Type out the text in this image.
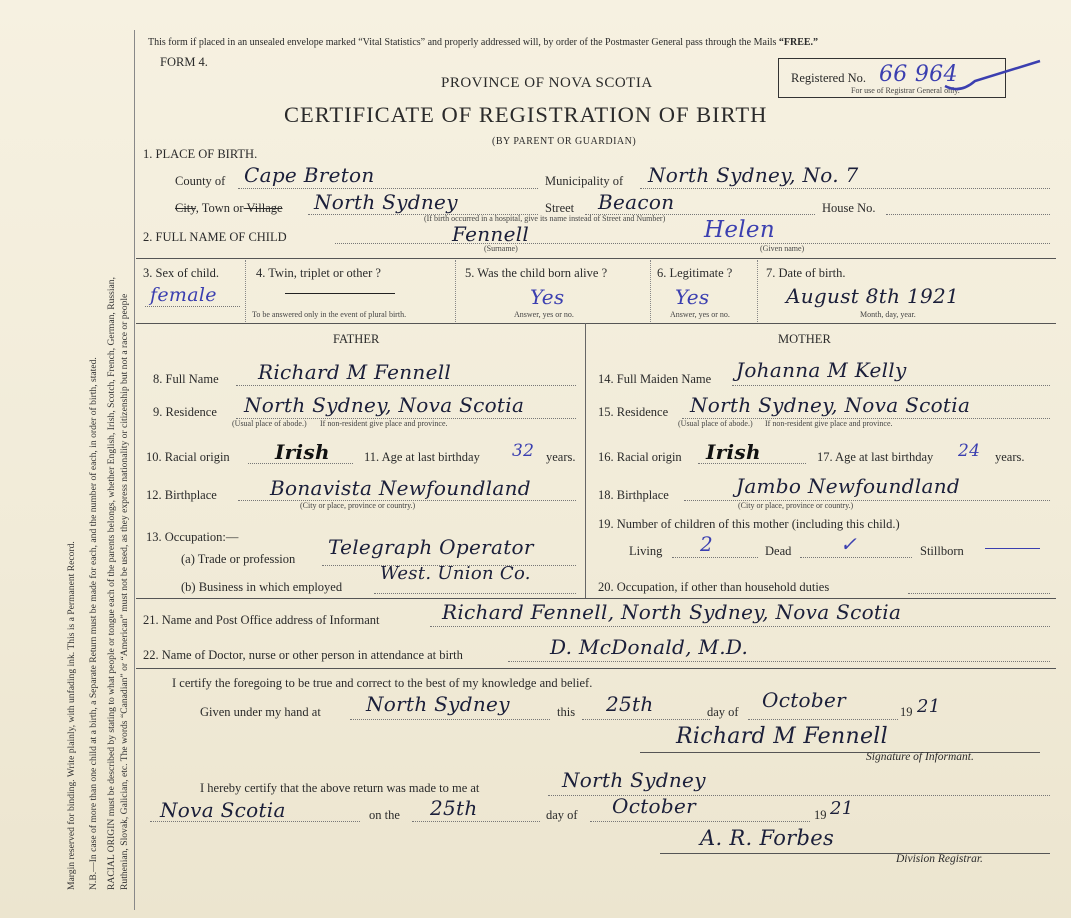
Margin reserved for binding. Write plainly, with unfading ink. This is a Permanent Record. N.B.—In case of more than one child at a birth, a Separate Return must be made for each, and the number of each, in order of birth, stated. RACIAL ORIGIN must be described by stating to what people or tongue each of the parents belongs, whether English, Irish, Scotch, French, German, Russian, Ruthenian, Slovak, Galician, etc. The words “Canadian” or “American” must not be used, as they express nationality or citizenship but not a race or people
This form if placed in an unsealed envelope marked “Vital Statistics” and properly addressed will, by order of the Postmaster General pass through the Mails “FREE.”
FORM 4.
PROVINCE OF NOVA SCOTIA
CERTIFICATE OF REGISTRATION OF BIRTH
(BY PARENT OR GUARDIAN)
Registered No. 66 964
For use of Registrar General only.
1. PLACE OF BIRTH.
County of Cape Breton	Municipality of North Sydney, No. 7
City, Town or Village North Sydney	Street Beacon	House No.
(If birth occurred in a hospital, give its name instead of Street and Number)
2. FULL NAME OF CHILD	Fennell
(Surname)
Helen
(Given name)
3. Sex of child.
female
4. Twin, triplet or other ?
To be answered only in the event of plural birth.
5. Was the child born alive ?
Yes
Answer, yes or no.
6. Legitimate ?
Yes
Answer, yes or no.
7. Date of birth.
August 8th 1921
Month, day, year.
FATHER
8. Full Name Richard M Fennell
9. Residence North Sydney, Nova Scotia
(Usual place of abode.) If non-resident give place and province.
10. Racial origin Irish	11. Age at last birthday 32 years.
12. Birthplace	Bonavista Newfoundland
(City or place, province or country.)
13. Occupation:—
(a) Trade or profession Telegraph Operator
(b) Business in which employed
West. Union Co.
MOTHER
14. Full Maiden Name Johanna M Kelly
15. Residence North Sydney, Nova Scotia
(Usual place of abode.) If non-resident give place and province.
16. Racial origin Irish	17. Age at last birthday 24 years.
18. Birthplace	Jambo Newfoundland
(City or place, province or country.)
19. Number of children of this mother (including this child.)
Living 2	Dead ✓	Stillborn
20. Occupation, if other than household duties
21. Name and Post Office address of Informant	Richard Fennell, North Sydney, Nova Scotia
22. Name of Doctor, nurse or other person in attendance at birth	D. McDonald, M.D.
I certify the foregoing to be true and correct to the best of my knowledge and belief.
Given under my hand at North Sydney	this 25th	day of October	19 21
Richard M Fennell
Signature of Informant.
I hereby certify that the above return was made to me at	North Sydney
Nova Scotia	on the 25th	day of October	19 21
A. R. Forbes
Division Registrar.
